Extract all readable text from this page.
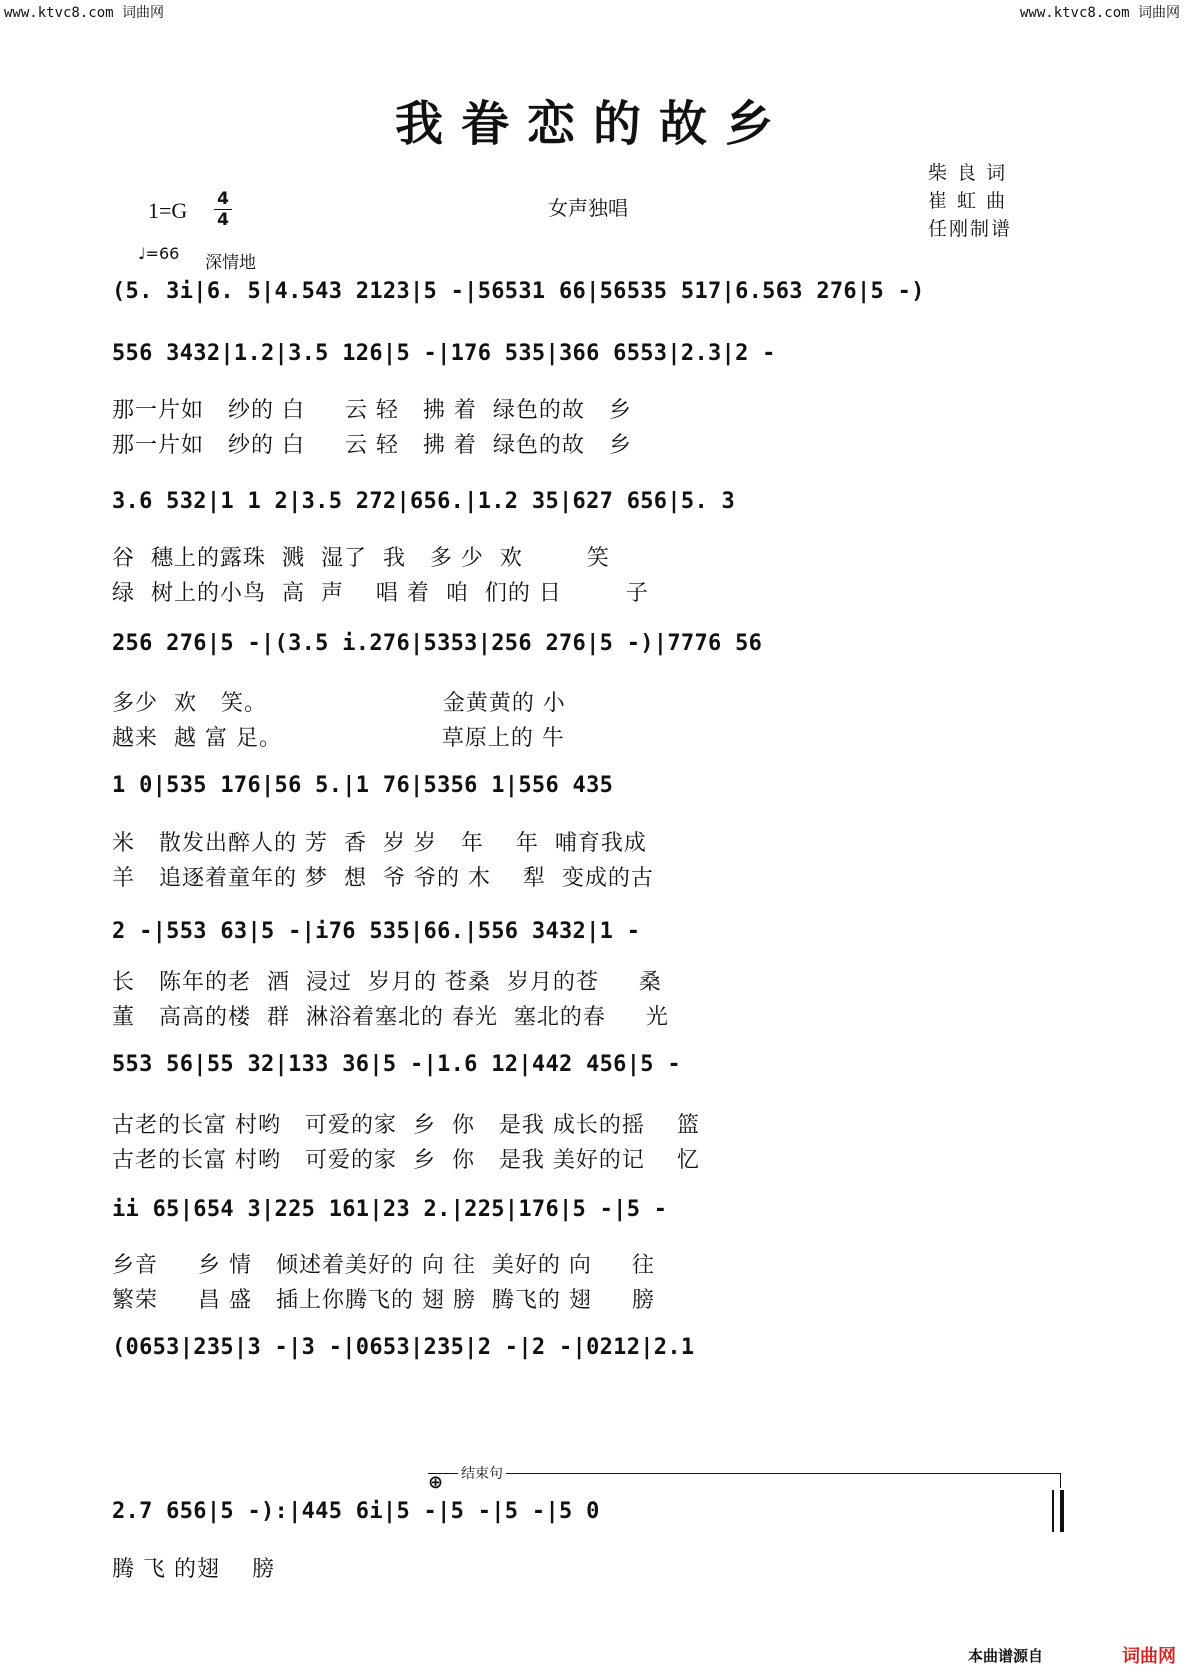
www.ktvc8.com 词曲网	www.ktvc8.com 词曲网
我眷恋的故乡
1=G 4
4
♩=66 深情地
女声独唱
柴 良 词
崔 虹 曲
任刚制谱
(5. 3i|6. 5|4.543 2123|5 -|56531 66|56535 517|6.563 276|5 -)
556 3432|1.2|3.5 126|5 -|176 535|366 6553|2.3|2 -
那一片如   纱的 白     云 轻   拂 着  绿色的故   乡
那一片如   纱的 白     云 轻   拂 着  绿色的故   乡
3.6 532|1 1 2|3.5 272|656.|1.2 35|627 656|5. 3
谷  穗上的露珠  溅  湿了  我   多 少  欢        笑
绿  树上的小鸟  高  声    唱 着  咱  们的 日        子
256 276|5 -|(3.5 i.276|5353|256 276|5 -)|7776 56
多少  欢   笑。                      金黄黄的 小
越来  越 富 足。                    草原上的 牛
1 0|535 176|56 5.|1 76|5356 1|556 435
米   散发出醉人的 芳  香  岁 岁   年    年  哺育我成
羊   追逐着童年的 梦  想  爷 爷的 木    犁  变成的古
2 -|553 63|5 -|i76 535|66.|556 3432|1 -
长   陈年的老  酒  浸过  岁月的 苍桑  岁月的苍     桑
董   高高的楼  群  淋浴着塞北的 春光  塞北的春     光
553 56|55 32|133 36|5 -|1.6 12|442 456|5 -
古老的长富 村哟   可爱的家  乡  你   是我 成长的摇    篮
古老的长富 村哟   可爱的家  乡  你   是我 美好的记    忆
ii 65|654 3|225 161|23 2.|225|176|5 -|5 -
乡音     乡 情   倾述着美好的 向 往  美好的 向     往
繁荣     昌 盛   插上你腾飞的 翅 膀  腾飞的 翅     膀
(0653|235|3 -|3 -|0653|235|2 -|2 -|0212|2.1
⊕ 结束句
2.7 656|5 -):|445 6i|5 -|5 -|5 -|5 0
腾 飞 的翅    膀
本曲谱源自	词曲网
